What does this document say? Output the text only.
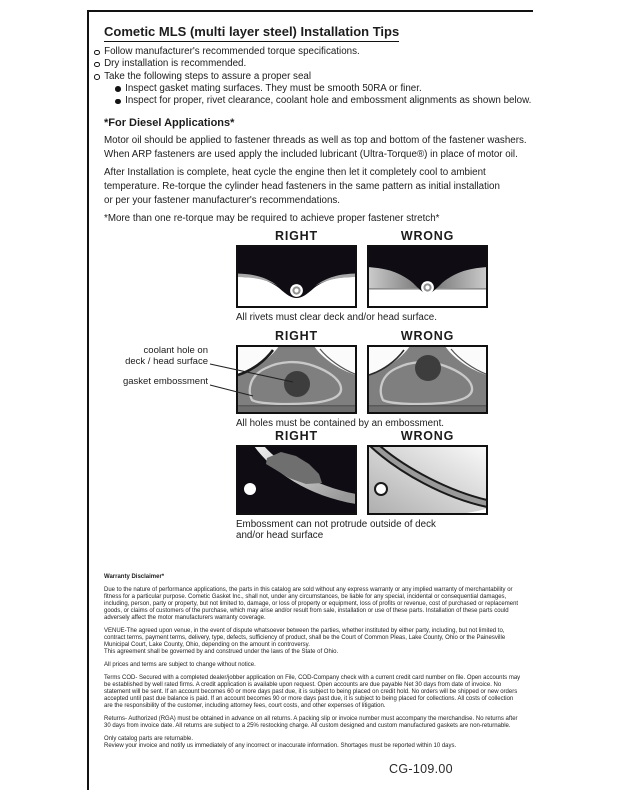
Cometic MLS (multi layer steel) Installation Tips
Follow manufacturer's recommended torque specifications.
Dry installation is recommended.
Take the following steps to assure a proper seal
Inspect gasket mating surfaces. They must be smooth 50RA or finer.
Inspect for proper, rivet clearance, coolant hole and embossment alignments as shown below.
*For Diesel Applications*
Motor oil should be applied to fastener threads as well as top and bottom of the fastener washers.
When ARP fasteners are used apply the included lubricant (Ultra-Torque®) in place of motor oil.
After Installation is complete, heat cycle the engine then let it completely cool to ambient
temperature. Re-torque the cylinder head fasteners in the same pattern as initial installation
or per your fastener manufacturer's recommendations.
*More than one re-torque may be required to achieve proper fastener stretch*
RIGHT	WRONG
All rivets must clear deck and/or head surface.
RIGHT	WRONG
All holes must be contained by an embossment.
coolant hole on
deck / head surface
gasket embossment
RIGHT	WRONG
Embossment can not protrude outside of deck
and/or head surface

Warranty Disclaimer*

Due to the nature of performance applications, the parts in this catalog are sold without any express warranty or any implied warranty of merchantability or fitness for a particular purpose. Cometic Gasket Inc., shall not, under any circumstances, be liable for any special, incidental or consequential damages, including, person, party or property, but not limited to, damage, or loss of property or equipment, loss of profits or revenue, cost of purchased or replacement goods, or claims of customers of the purchase, which may arise and/or result from sale, installation or use of these parts. Installation of these parts could adversely affect the motor manufacturers warranty coverage.

VENUE-The agreed upon venue, in the event of dispute whatsoever between the parties, whether instituted by either party, including, but not limited to, contract terms, payment terms, delivery, type, defects, sufficiency of product, shall be the Court of Common Pleas, Lake County, Ohio or the Painesville Municipal Court, Lake County, Ohio, depending on the amount in controversy.

This agreement shall be governed by and construed under the laws of the State of Ohio.

All prices and terms are subject to change without notice.

Terms COD- Secured with a completed dealer/jobber application on File, COD-Company check with a current credit card number on file. Open accounts may be established by well rated firms. A credit application is available upon request. Open accounts are due payable Net 30 days from date of invoice. No statement will be sent. If an account becomes 60 or more days past due, it is subject to being placed on credit hold. No orders will be shipped or new orders accepted until past due balance is paid. If an account becomes 90 or more days past due, it is subject to being placed for collections. All costs of collection are the responsibility of the customer, including attorney fees, court costs, and other expenses of litigation.

Returns- Authorized (RGA) must be obtained in advance on all returns. A packing slip or invoice number must accompany the merchandise. No returns after 30 days from invoice date. All returns are subject to a 25% restocking charge. All custom designed and custom manufactured gaskets are non-returnable.

Only catalog parts are returnable.

Review your invoice and notify us immediately of any incorrect or inaccurate information. Shortages must be reported within 10 days.

CG-109.00
